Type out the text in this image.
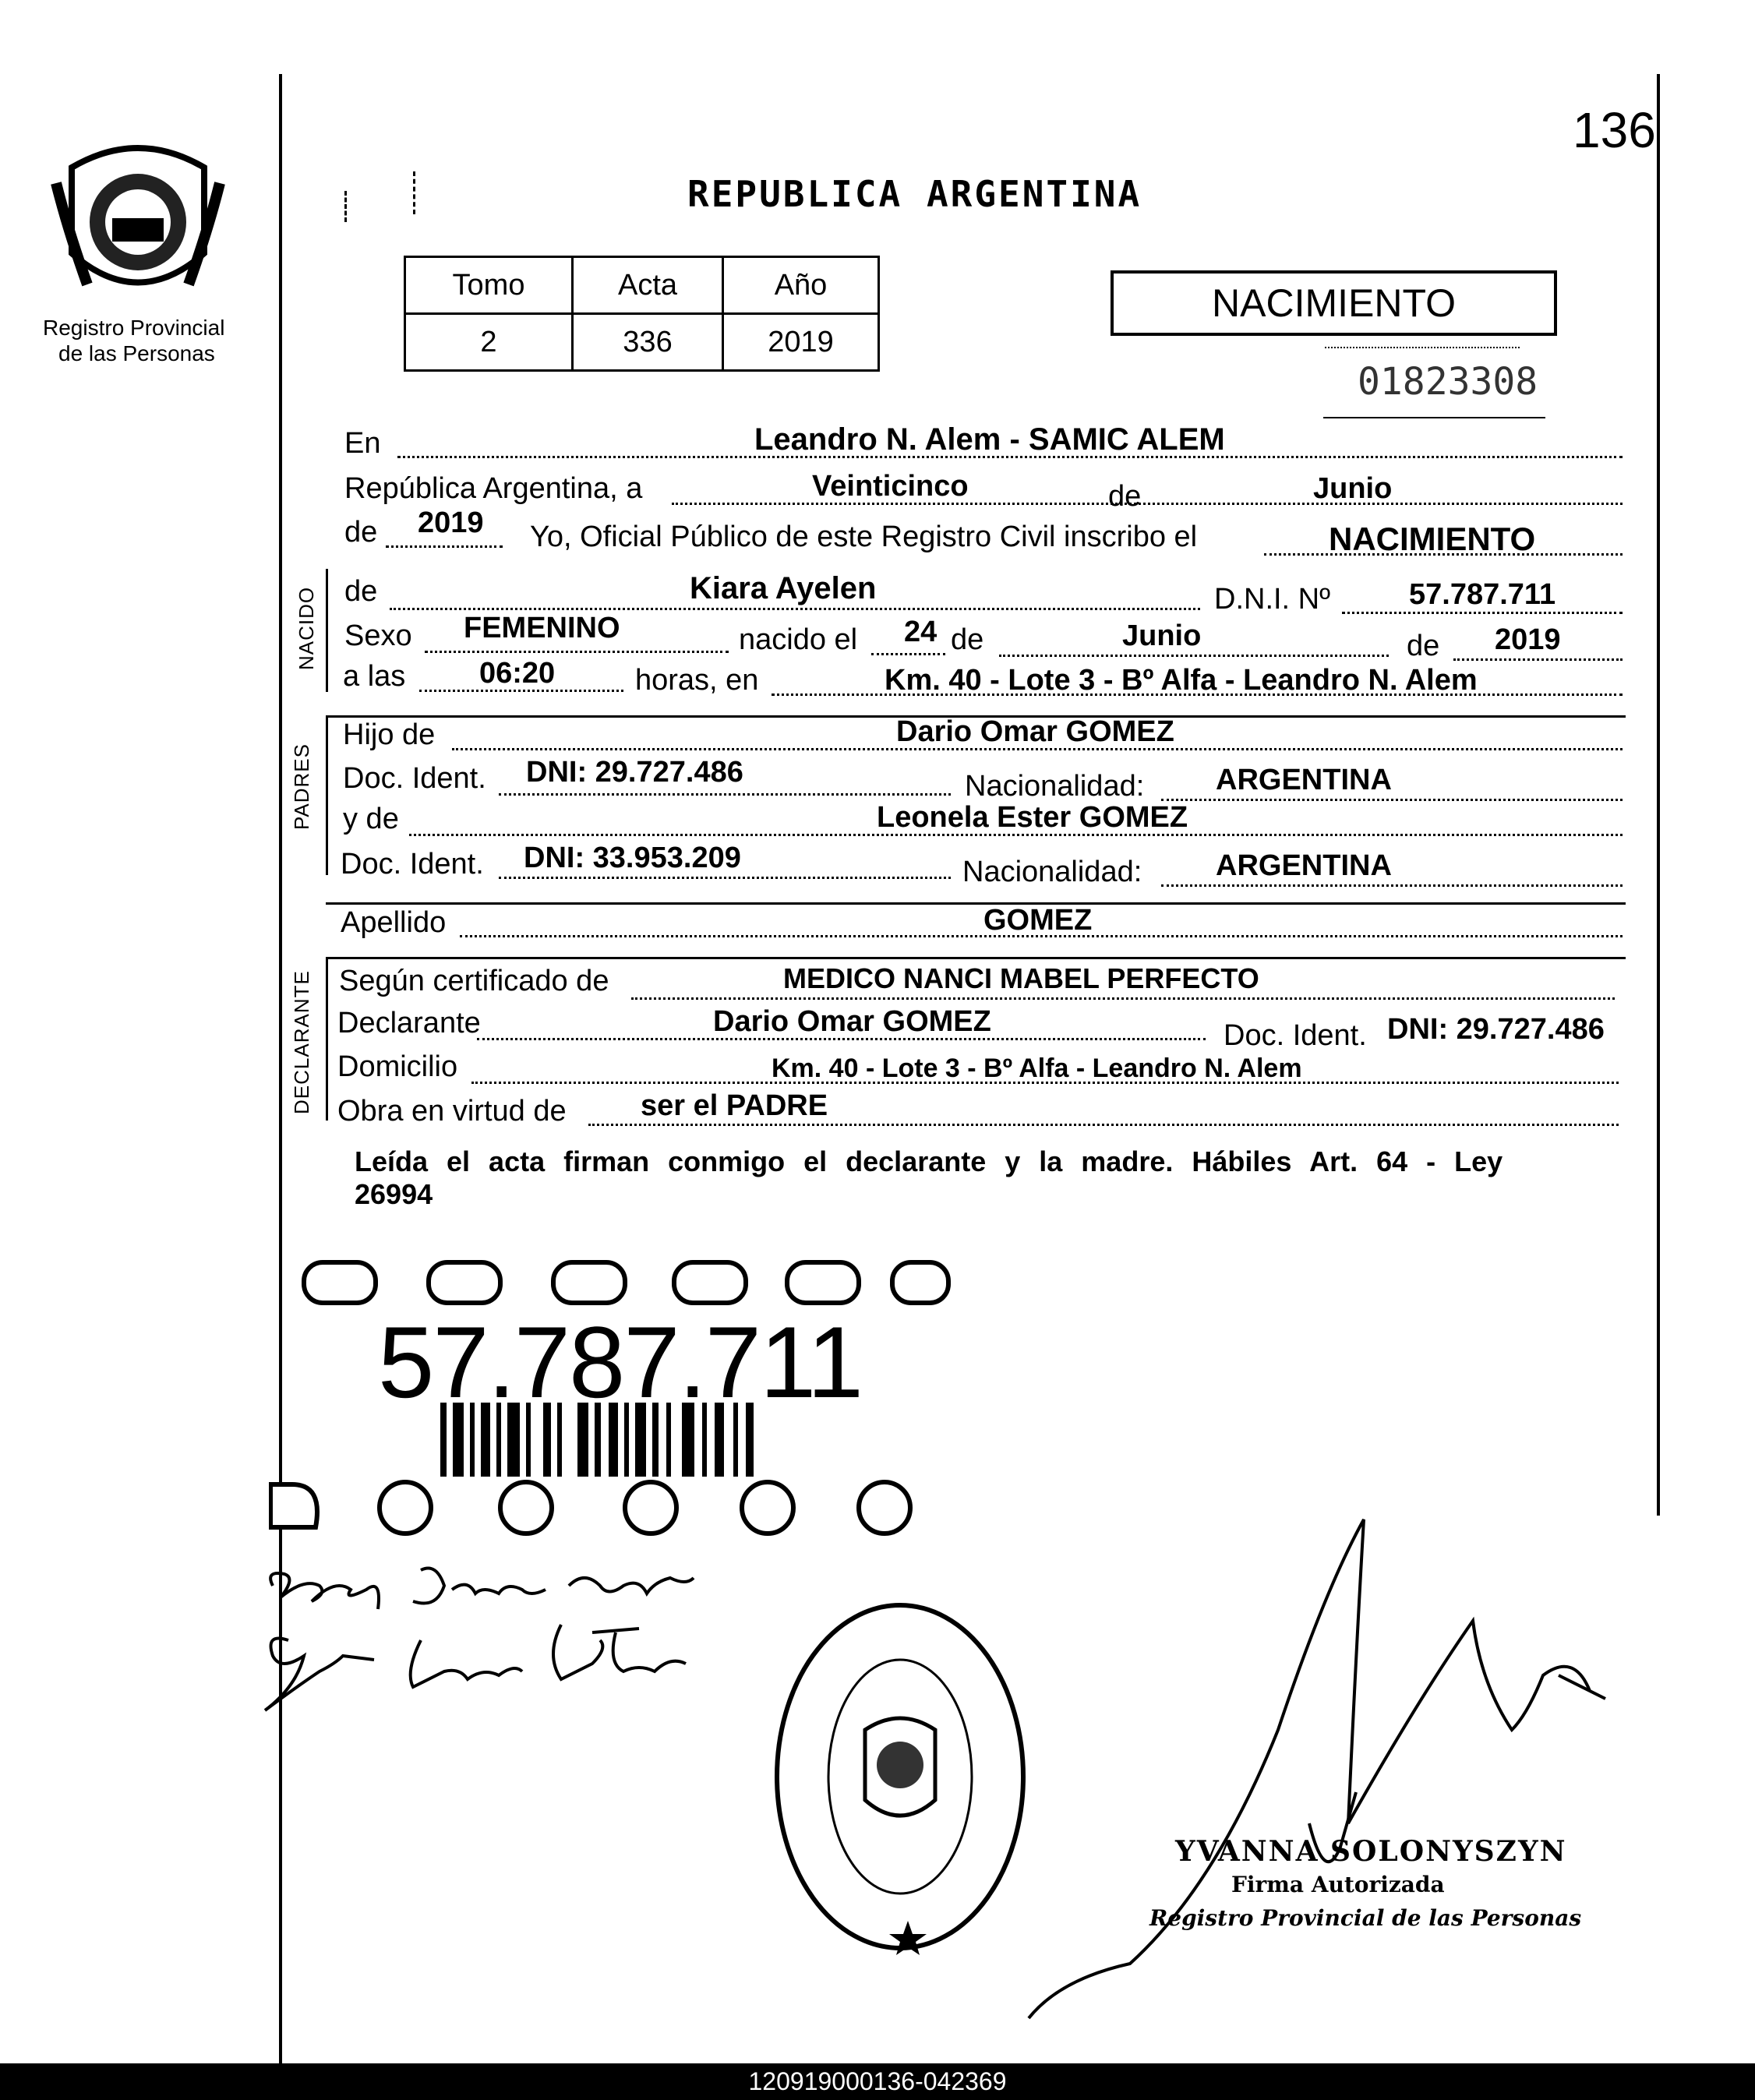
136
Registro Provincial
de las Personas
REPUBLICA ARGENTINA
Tomo	Acta	Año
2	336	2019
NACIMIENTO
01823308
En	Leandro N. Alem - SAMIC ALEM
República Argentina, a	Veinticinco	de	Junio
de 2019 Yo, Oficial Público de este Registro Civil inscribo el	NACIMIENTO
NACIDO de	Kiara Ayelen	D.N.I. Nº	57.787.711
Sexo FEMENINO	nacido el 24 de	Junio	de 2019
a las 06:20	horas, en	Km. 40 - Lote 3 - Bº Alfa - Leandro N. Alem
PADRES
Hijo de	Dario Omar GOMEZ
Doc. Ident. DNI: 29.727.486	Nacionalidad: ARGENTINA
y de	Leonela Ester GOMEZ
Doc. Ident. DNI: 33.953.209	Nacionalidad: ARGENTINA
Apellido	GOMEZ
DECLARANTE Según certificado de	MEDICO NANCI MABEL PERFECTO
Declarante	Dario Omar GOMEZ	Doc. Ident. DNI: 29.727.486
Domicilio	Km. 40 - Lote 3 - Bº Alfa - Leandro N. Alem
Obra en virtud de	ser el PADRE
Leída el acta firman conmigo el declarante y la madre. Hábiles Art. 64 - Ley 26994
57.787.711
YVANNA SOLONYSZYN
Firma Autorizada
Registro Provincial de las Personas
120919000136-042369
